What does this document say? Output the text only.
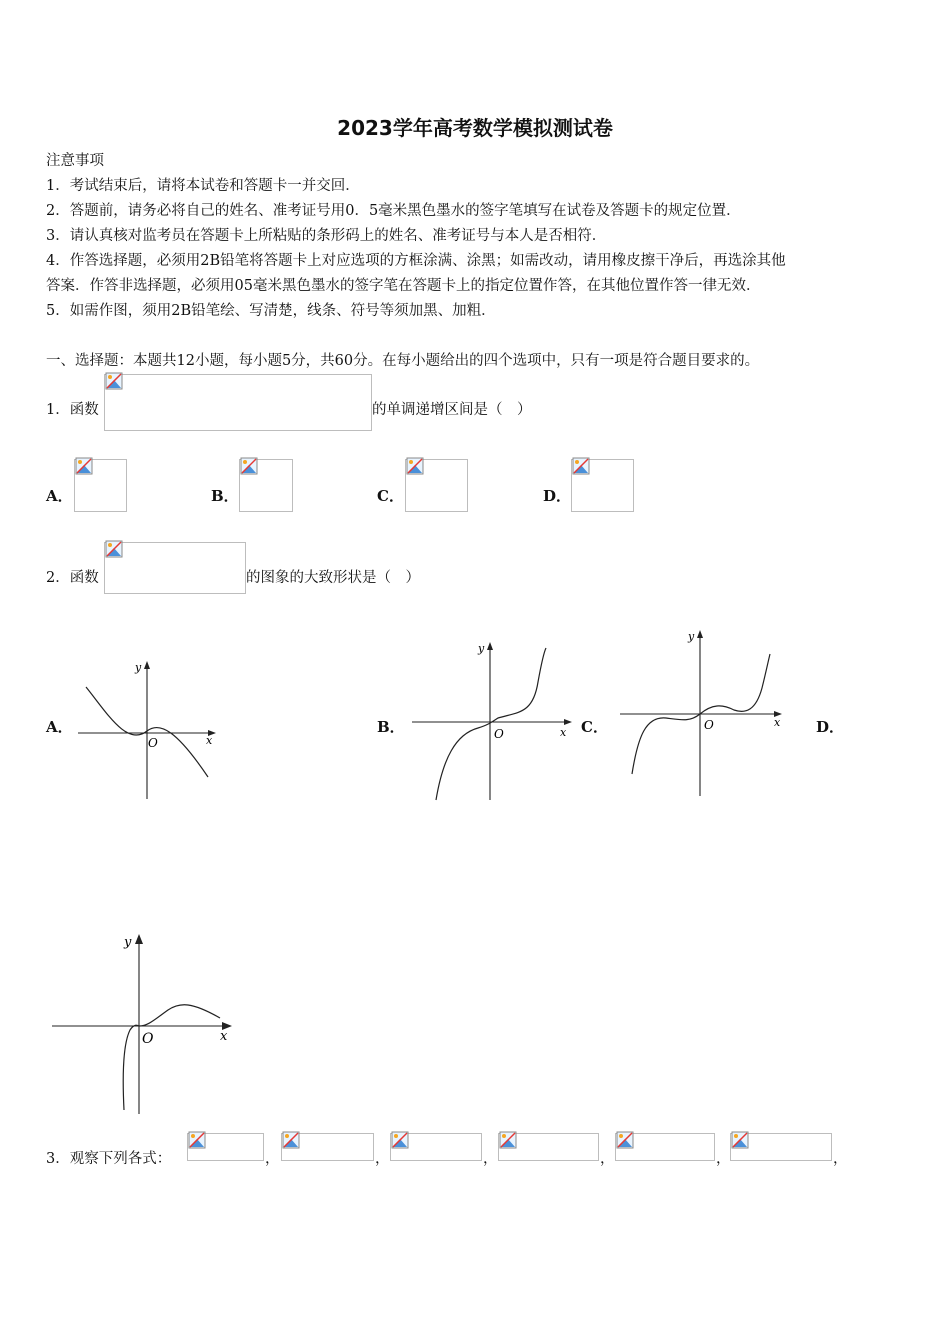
2023学年高考数学模拟测试卷
注意事项
1．考试结束后，请将本试卷和答题卡一并交回．
2．答题前，请务必将自己的姓名、准考证号用0．5毫米黑色墨水的签字笔填写在试卷及答题卡的规定位置．
3．请认真核对监考员在答题卡上所粘贴的条形码上的姓名、准考证号与本人是否相符．
4．作答选择题，必须用2B铅笔将答题卡上对应选项的方框涂满、涂黑；如需改动，请用橡皮擦干净后，再选涂其他
答案．作答非选择题，必须用05毫米黑色墨水的签字笔在答题卡上的指定位置作答，在其他位置作答一律无效．
5．如需作图，须用2B铅笔绘、写清楚，线条、符号等须加黑、加粗．
一、选择题：本题共12小题，每小题5分，共60分。在每小题给出的四个选项中，只有一项是符合题目要求的。
1．函数	的单调递增区间是（　）
A．	B．	C．	D．
2．函数	的图象的大致形状是（　）
A．
y
x
O
B．
y
x
O	C．
y
x
O	D．
y
x
O
3．观察下列各式：	，	，	，	，	，	，
